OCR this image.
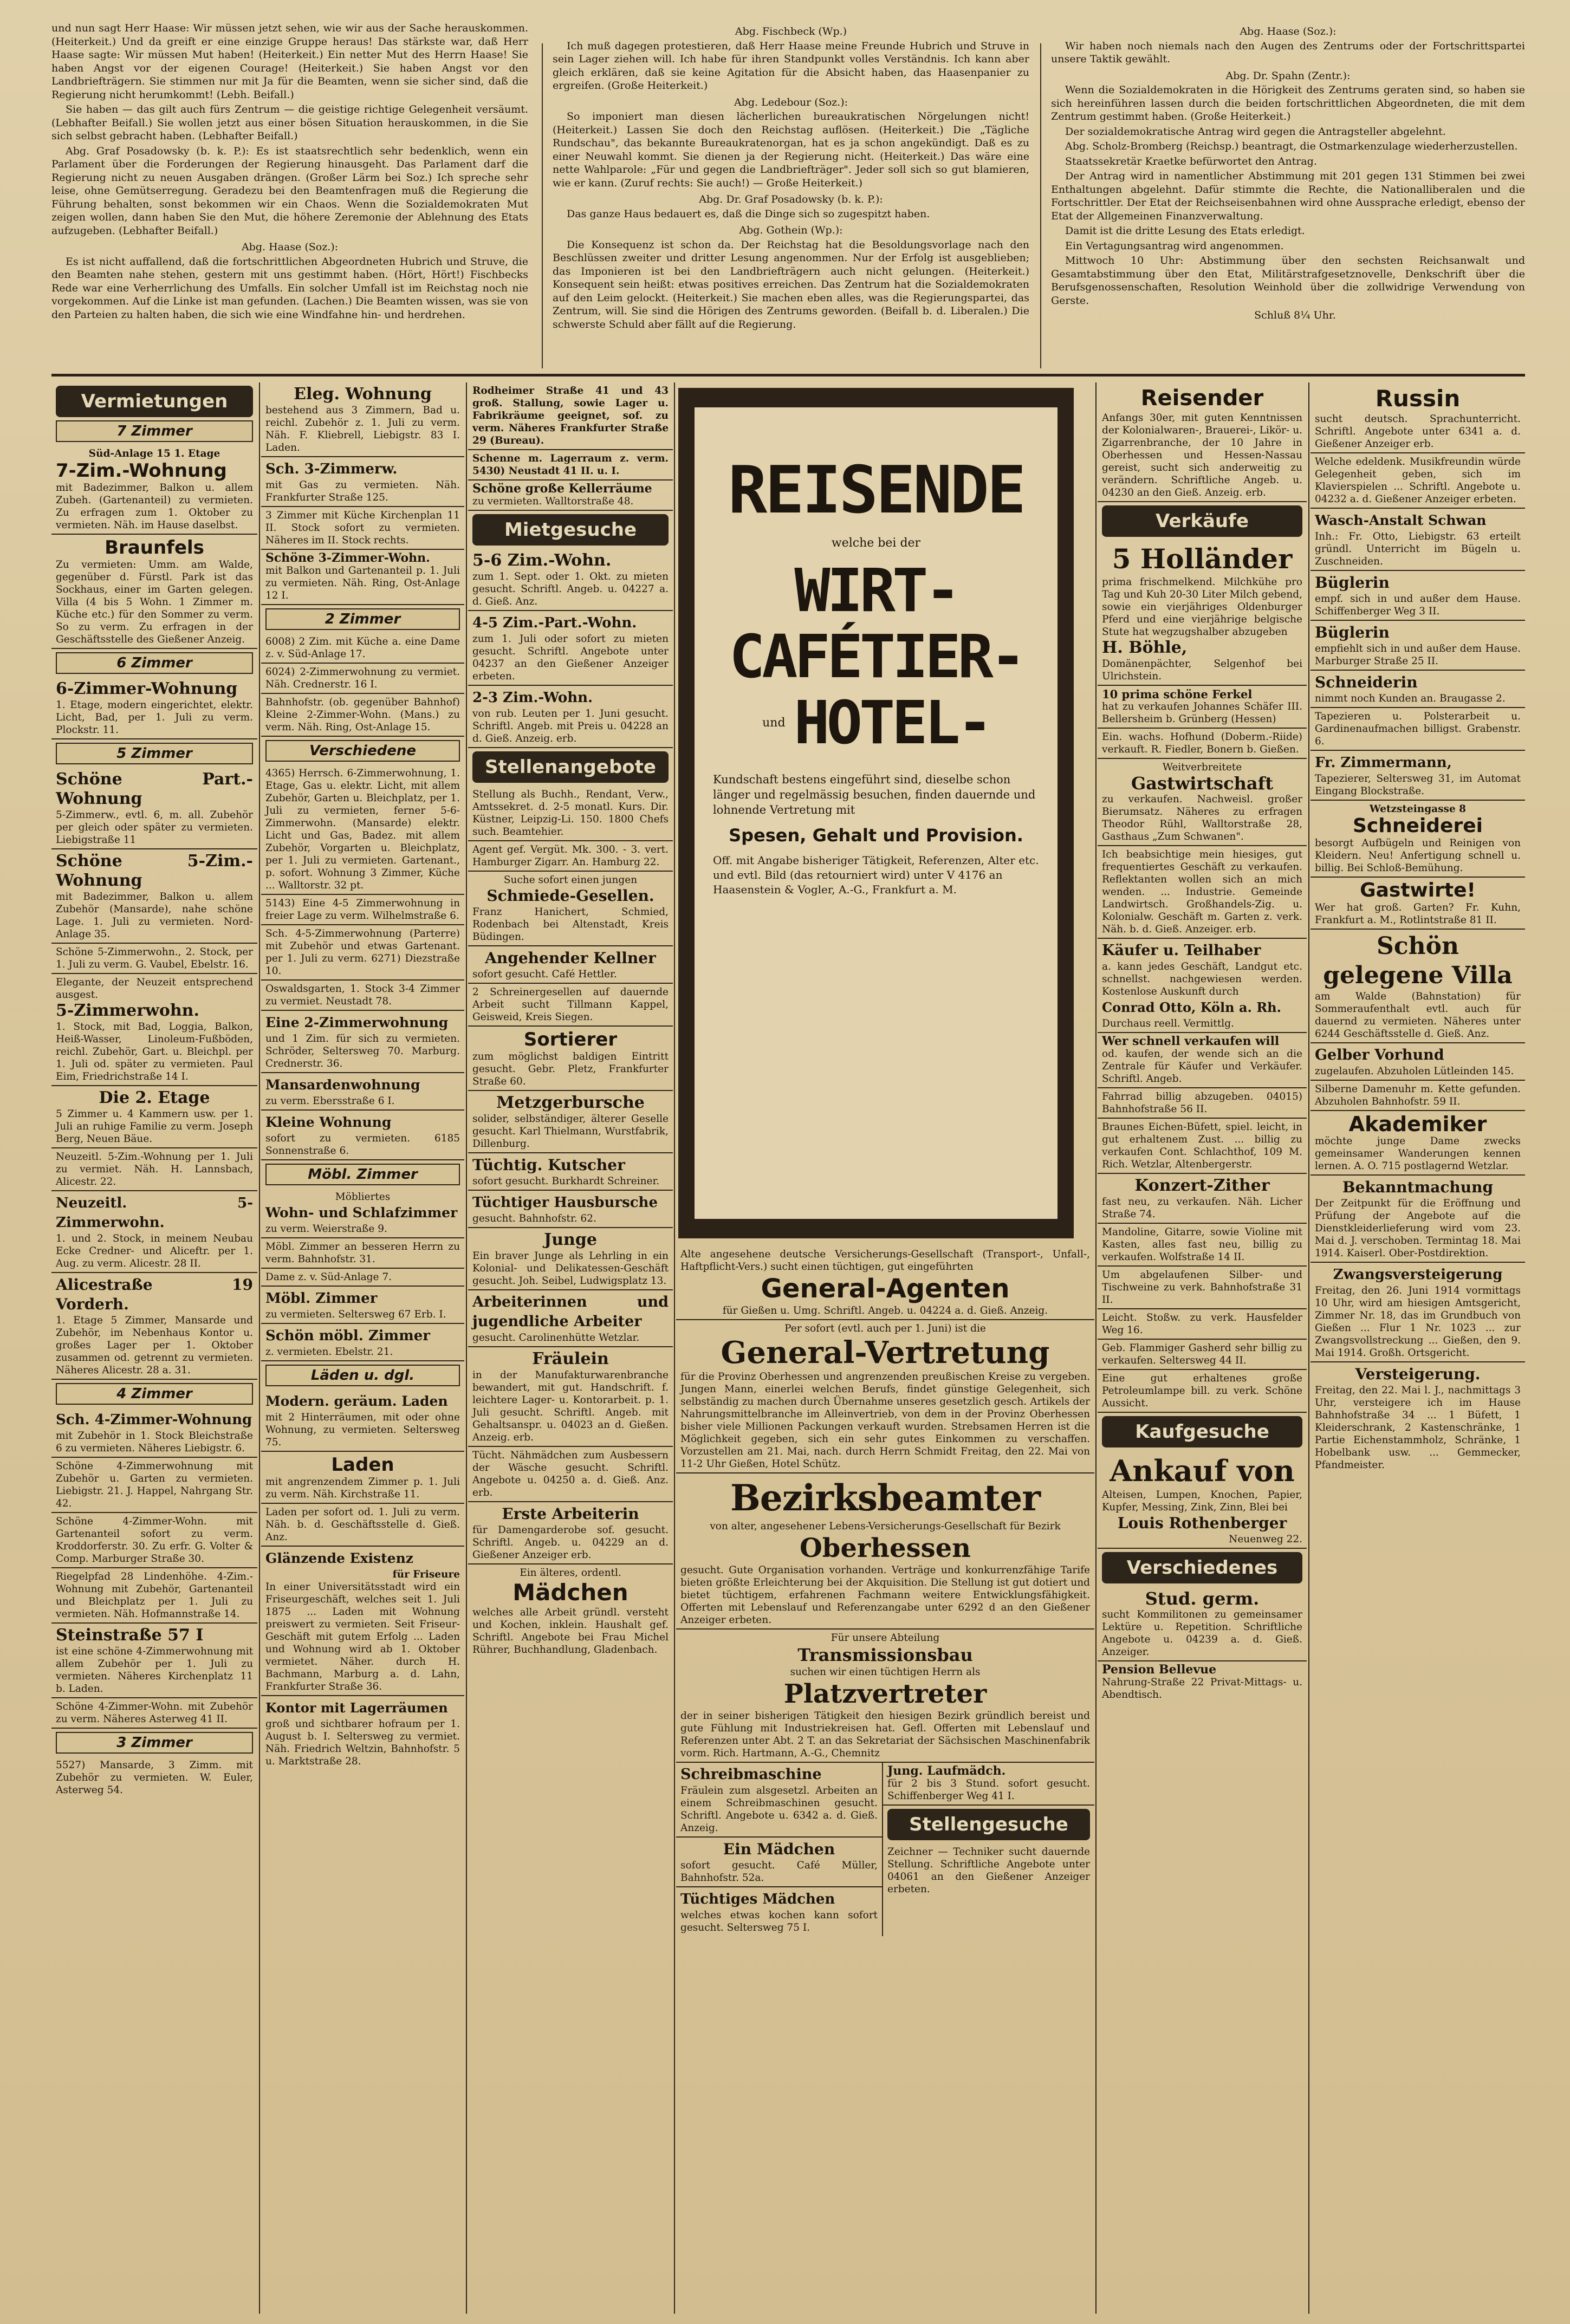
und nun sagt Herr Haase: Wir müssen jetzt sehen, wie wir aus der Sache herauskommen. (Heiterkeit.) Und da greift er eine einzige Gruppe heraus! Das stärkste war, daß Herr Haase sagte: Wir müssen Mut haben! (Heiterkeit.) Ein netter Mut des Herrn Haase! Sie haben Angst vor der eigenen Courage! (Heiterkeit.) Sie haben Angst vor den Landbriefträgern. Sie stimmen nur mit Ja für die Beamten, wenn sie sicher sind, daß die Regierung nicht herumkommt! (Lebh. Beifall.)

Sie haben — das gilt auch fürs Zentrum — die geistige richtige Gelegenheit versäumt. (Lebhafter Beifall.) Sie wollen jetzt aus einer bösen Situation herauskommen, in die Sie sich selbst gebracht haben. (Lebhafter Beifall.)

Abg. Graf Posadowsky (b. k. P.): Es ist staatsrechtlich sehr bedenklich, wenn ein Parlament über die Forderungen der Regierung hinausgeht. Das Parlament darf die Regierung nicht zu neuen Ausgaben drängen. (Großer Lärm bei Soz.) Ich spreche sehr leise, ohne Gemütserregung. Geradezu bei den Beamtenfragen muß die Regierung die Führung behalten, sonst bekommen wir ein Chaos. Wenn die Sozialdemokraten Mut zeigen wollen, dann haben Sie den Mut, die höhere Zeremonie der Ablehnung des Etats aufzugeben. (Lebhafter Beifall.)

Abg. Haase (Soz.):

Es ist nicht auffallend, daß die fortschrittlichen Abgeordneten Hubrich und Struve, die den Beamten nahe stehen, gestern mit uns gestimmt haben. (Hört, Hört!) Fischbecks Rede war eine Verherrlichung des Umfalls. Ein solcher Umfall ist im Reichstag noch nie vorgekommen. Auf die Linke ist man gefunden. (Lachen.) Die Beamten wissen, was sie von den Parteien zu halten haben, die sich wie eine Windfahne hin- und herdrehen.

Abg. Fischbeck (Wp.)

Ich muß dagegen protestieren, daß Herr Haase meine Freunde Hubrich und Struve in sein Lager ziehen will. Ich habe für ihren Standpunkt volles Verständnis. Ich kann aber gleich erklären, daß sie keine Agitation für die Absicht haben, das Haasenpanier zu ergreifen. (Große Heiterkeit.)

Abg. Ledebour (Soz.):

So imponiert man diesen lächerlichen bureaukratischen Nörgelungen nicht! (Heiterkeit.) Lassen Sie doch den Reichstag auflösen. (Heiterkeit.) Die „Tägliche Rundschau", das bekannte Bureaukratenorgan, hat es ja schon angekündigt. Daß es zu einer Neuwahl kommt. Sie dienen ja der Regierung nicht. (Heiterkeit.) Das wäre eine nette Wahlparole: „Für und gegen die Landbriefträger". Jeder soll sich so gut blamieren, wie er kann. (Zuruf rechts: Sie auch!) — Große Heiterkeit.)

Abg. Dr. Graf Posadowsky (b. k. P.):

Das ganze Haus bedauert es, daß die Dinge sich so zugespitzt haben.

Abg. Gothein (Wp.):

Die Konsequenz ist schon da. Der Reichstag hat die Besoldungsvorlage nach den Beschlüssen zweiter und dritter Lesung angenommen. Nur der Erfolg ist ausgeblieben; das Imponieren ist bei den Landbriefträgern auch nicht gelungen. (Heiterkeit.) Konsequent sein heißt: etwas positives erreichen. Das Zentrum hat die Sozialdemokraten auf den Leim gelockt. (Heiterkeit.) Sie machen eben alles, was die Regierungspartei, das Zentrum, will. Sie sind die Hörigen des Zentrums geworden. (Beifall b. d. Liberalen.) Die schwerste Schuld aber fällt auf die Regierung.

Abg. Haase (Soz.):

Wir haben noch niemals nach den Augen des Zentrums oder der Fortschrittspartei unsere Taktik gewählt.

Abg. Dr. Spahn (Zentr.):

Wenn die Sozialdemokraten in die Hörigkeit des Zentrums geraten sind, so haben sie sich hereinführen lassen durch die beiden fortschrittlichen Abgeordneten, die mit dem Zentrum gestimmt haben. (Große Heiterkeit.)

Der sozialdemokratische Antrag wird gegen die Antragsteller abgelehnt.

Abg. Scholz-Bromberg (Reichsp.) beantragt, die Ostmarkenzulage wiederherzustellen.

Staatssekretär Kraetke befürwortet den Antrag.

Der Antrag wird in namentlicher Abstimmung mit 201 gegen 131 Stimmen bei zwei Enthaltungen abgelehnt. Dafür stimmte die Rechte, die Nationalliberalen und die Fortschrittler. Der Etat der Reichseisenbahnen wird ohne Aussprache erledigt, ebenso der Etat der Allgemeinen Finanzverwaltung.

Damit ist die dritte Lesung des Etats erledigt.

Ein Vertagungsantrag wird angenommen.

Mittwoch 10 Uhr: Abstimmung über den sechsten Reichsanwalt und Gesamtabstimmung über den Etat, Militärstrafgesetznovelle, Denkschrift über die Berufsgenossenschaften, Resolution Weinhold über die zollwidrige Verwendung von Gerste.

Schluß 8¼ Uhr.

Vermietungen
7 Zimmer
Süd-Anlage 15 1. Etage
7-Zim.-Wohnung
mit Badezimmer, Balkon u. allem Zubeh. (Gartenanteil) zu vermieten. Zu erfragen zum 1. Oktober zu vermieten. Näh. im Hause daselbst.
Braunfels
Zu vermieten: Umm. am Walde, gegenüber d. Fürstl. Park ist das Sockhaus, einer im Garten gelegen. Villa (4 bis 5 Wohn. 1 Zimmer m. Küche etc.) für den Sommer zu verm. So zu verm. Zu erfragen in der Geschäftsstelle des Gießener Anzeig.
6 Zimmer
6-Zimmer-Wohnung
1. Etage, modern eingerichtet, elektr. Licht, Bad, per 1. Juli zu verm. Plockstr. 11.
5 Zimmer
Schöne Part.-Wohnung
5-Zimmerw., evtl. 6, m. all. Zubehör per gleich oder später zu vermieten. Liebigstraße 11
Schöne 5-Zim.-Wohnung
mit Badezimmer, Balkon u. allem Zubehör (Mansarde), nahe schöne Lage. 1. Juli zu vermieten. Nord-Anlage 35.
Schöne 5-Zimmerwohn., 2. Stock, per 1. Juli zu verm. G. Vaubel, Ebelstr. 16.
Elegante, der Neuzeit entsprechend ausgest.
5-Zimmerwohn.
1. Stock, mit Bad, Loggia, Balkon, Heiß-Wasser, Linoleum-Fußböden, reichl. Zubehör, Gart. u. Bleichpl. per 1. Juli od. später zu vermieten. Paul Eim, Friedrichstraße 14 I.
Die 2. Etage
5 Zimmer u. 4 Kammern usw. per 1. Juli an ruhige Familie zu verm. Joseph Berg, Neuen Bäue.
Neuzeitl. 5-Zim.-Wohnung per 1. Juli zu vermiet. Näh. H. Lannsbach, Alicestr. 22.
Neuzeitl. 5-Zimmerwohn.
1. und 2. Stock, in meinem Neubau Ecke Credner- und Aliceftr. per 1. Aug. zu verm. Alicestr. 28 II.
Alicestraße 19 Vorderh.
1. Etage 5 Zimmer, Mansarde und Zubehör, im Nebenhaus Kontor u. großes Lager per 1. Oktober zusammen od. getrennt zu vermieten. Näheres Alicestr. 28 a. 31.
4 Zimmer
Sch. 4-Zimmer-Wohnung
mit Zubehör in 1. Stock Bleichstraße 6 zu vermieten. Näheres Liebigstr. 6.
Schöne 4-Zimmerwohnung mit Zubehör u. Garten zu vermieten. Liebigstr. 21. J. Happel, Nahrgang Str. 42.
Schöne 4-Zimmer-Wohn. mit Gartenanteil sofort zu verm. Kroddorferstr. 30. Zu erfr. G. Volter & Comp. Marburger Straße 30.
Riegelpfad 28 Lindenhöhe. 4-Zim.-Wohnung mit Zubehör, Gartenanteil und Bleichplatz per 1. Juli zu vermieten. Näh. Hofmannstraße 14.
Steinstraße 57 I
ist eine schöne 4-Zimmerwohnung mit allem Zubehör per 1. Juli zu vermieten. Näheres Kirchenplatz 11 b. Laden.
Schöne 4-Zimmer-Wohn. mit Zubehör zu verm. Näheres Asterweg 41 II.
3 Zimmer
5527) Mansarde, 3 Zimm. mit Zubehör zu vermieten. W. Euler, Asterweg 54.
Eleg. Wohnung
bestehend aus 3 Zimmern, Bad u. reichl. Zubehör z. 1. Juli zu verm. Näh. F. Kliebrell, Liebigstr. 83 I. Laden.
Sch. 3-Zimmerw.
mit Gas zu vermieten. Näh. Frankfurter Straße 125.
3 Zimmer mit Küche Kirchenplan 11 II. Stock sofort zu vermieten. Näheres im II. Stock rechts.
Schöne 3-Zimmer-Wohn.
mit Balkon und Gartenanteil p. 1. Juli zu vermieten. Näh. Ring, Ost-Anlage 12 I.
2 Zimmer
6008) 2 Zim. mit Küche a. eine Dame z. v. Süd-Anlage 17.
6024) 2-Zimmerwohnung zu vermiet. Näh. Crednerstr. 16 I.
Bahnhofstr. (ob. gegenüber Bahnhof) Kleine 2-Zimmer-Wohn. (Mans.) zu verm. Näh. Ring, Ost-Anlage 15.
Verschiedene
4365) Herrsch. 6-Zimmerwohnung, 1. Etage, Gas u. elektr. Licht, mit allem Zubehör, Garten u. Bleichplatz, per 1. Juli zu vermieten, ferner 5-6-Zimmerwohn. (Mansarde) elektr. Licht und Gas, Badez. mit allem Zubehör, Vorgarten u. Bleichplatz, per 1. Juli zu vermieten. Gartenant., p. sofort. Wohnung 3 Zimmer, Küche ... Walltorstr. 32 pt.
5143) Eine 4-5 Zimmerwohnung in freier Lage zu verm. Wilhelmstraße 6.
Sch. 4-5-Zimmerwohnung (Parterre) mit Zubehör und etwas Gartenant. per 1. Juli zu verm. 6271) Diezstraße 10.
Oswaldsgarten, 1. Stock 3-4 Zimmer zu vermiet. Neustadt 78.
Eine 2-Zimmerwohnung
und 1 Zim. für sich zu vermieten. Schröder, Seltersweg 70. Marburg. Crednerstr. 36.
Mansardenwohnung
zu verm. Ebersstraße 6 I.
Kleine Wohnung
sofort zu vermieten. 6185 Sonnenstraße 6.
Möbl. Zimmer
Möbliertes
Wohn- und Schlafzimmer
zu verm. Weierstraße 9.
Möbl. Zimmer an besseren Herrn zu verm. Bahnhofstr. 31.
Dame z. v. Süd-Anlage 7.
Möbl. Zimmer
zu vermieten. Seltersweg 67 Erb. I.
Schön möbl. Zimmer
z. vermieten. Ebelstr. 21.
Läden u. dgl.
Modern. geräum. Laden
mit 2 Hinterräumen, mit oder ohne Wohnung, zu vermieten. Seltersweg 75.
Laden
mit angrenzendem Zimmer p. 1. Juli zu verm. Näh. Kirchstraße 11.
Laden per sofort od. 1. Juli zu verm. Näh. b. d. Geschäftsstelle d. Gieß. Anz.
Glänzende Existenz
für Friseure
In einer Universitätsstadt wird ein Friseurgeschäft, welches seit 1. Juli 1875 ... Laden mit Wohnung preiswert zu vermieten. Seit Friseur-Geschäft mit gutem Erfolg ... Laden und Wohnung wird ab 1. Oktober vermietet. Näher. durch H. Bachmann, Marburg a. d. Lahn, Frankfurter Straße 36.
Kontor mit Lagerräumen
groß und sichtbarer hofraum per 1. August b. I. Seltersweg zu vermiet. Näh. Friedrich Weltzin, Bahnhofstr. 5 u. Marktstraße 28.
Rodheimer Straße 41 und 43 groß. Stallung, sowie Lager u. Fabrikräume geeignet, sof. zu verm. Näheres Frankfurter Straße 29 (Bureau).
Schenne m. Lagerraum z. verm. 5430) Neustadt 41 II. u. I.
Schöne große Kellerräume
zu vermieten. Walltorstraße 48.
Mietgesuche
5-6 Zim.-Wohn.
zum 1. Sept. oder 1. Okt. zu mieten gesucht. Schriftl. Angeb. u. 04227 a. d. Gieß. Anz.
4-5 Zim.-Part.-Wohn.
zum 1. Juli oder sofort zu mieten gesucht. Schriftl. Angebote unter 04237 an den Gießener Anzeiger erbeten.
2-3 Zim.-Wohn.
von rub. Leuten per 1. Juni gesucht. Schriftl. Angeb. mit Preis u. 04228 an d. Gieß. Anzeig. erb.
Stellenangebote
Stellung als Buchh., Rendant, Verw., Amtssekret. d. 2-5 monatl. Kurs. Dir. Küstner, Leipzig-Li. 150. 1800 Chefs such. Beamtehier.
Agent gef. Vergüt. Mk. 300. - 3. vert. Hamburger Zigarr. An. Hamburg 22.
Suche sofort einen jungen
Schmiede-Gesellen.
Franz Hanichert, Schmied, Rodenbach bei Altenstadt, Kreis Büdingen.
Angehender Kellner
sofort gesucht. Café Hettler.
2 Schreinergesellen auf dauernde Arbeit sucht Tillmann Kappel, Geisweid, Kreis Siegen.
Sortierer
zum möglichst baldigen Eintritt gesucht. Gebr. Pletz, Frankfurter Straße 60.
Metzgerbursche
solider, selbständiger, älterer Geselle gesucht. Karl Thielmann, Wurstfabrik, Dillenburg.
Tüchtig. Kutscher
sofort gesucht. Burkhardt Schreiner.
Tüchtiger Hausbursche
gesucht. Bahnhofstr. 62.
Junge
Ein braver Junge als Lehrling in ein Kolonial- und Delikatessen-Geschäft gesucht. Joh. Seibel, Ludwigsplatz 13.
Arbeiterinnen und jugendliche Arbeiter
gesucht. Carolinenhütte Wetzlar.
Fräulein
in der Manufakturwarenbranche bewandert, mit gut. Handschrift. f. leichtere Lager- u. Kontorarbeit. p. 1. Juli gesucht. Schriftl. Angeb. mit Gehaltsanspr. u. 04023 an d. Gießen. Anzeig. erb.
Tücht. Nähmädchen zum Ausbessern der Wäsche gesucht. Schriftl. Angebote u. 04250 a. d. Gieß. Anz. erb.
Erste Arbeiterin
für Damengarderobe sof. gesucht. Schriftl. Angeb. u. 04229 an d. Gießener Anzeiger erb.
Ein älteres, ordentl.
Mädchen
welches alle Arbeit gründl. versteht und Kochen, inklein. Haushalt gef. Schriftl. Angebote bei Frau Michel Rührer, Buchhandlung, Gladenbach.
REISENDE
welche bei der
WIRT-
CAFÉTIER-
und HOTEL-
Kundschaft bestens eingeführt sind, dieselbe schon länger und regelmässig besuchen, finden dauernde und lohnende Vertretung mit
Spesen, Gehalt und Provision.
Off. mit Angabe bisheriger Tätigkeit, Referenzen, Alter etc. und evtl. Bild (das retourniert wird) unter V 4176 an Haasenstein & Vogler, A.-G., Frankfurt a. M.
Alte angesehene deutsche Versicherungs-Gesellschaft (Transport-, Unfall-, Haftpflicht-Vers.) sucht einen tüchtigen, gut eingeführten
General-Agenten
für Gießen u. Umg. Schriftl. Angeb. u. 04224 a. d. Gieß. Anzeig.
Per sofort (evtl. auch per 1. Juni) ist die
General-Vertretung
für die Provinz Oberhessen und angrenzenden preußischen Kreise zu vergeben. Jungen Mann, einerlei welchen Berufs, findet günstige Gelegenheit, sich selbständig zu machen durch Übernahme unseres gesetzlich gesch. Artikels der Nahrungsmittelbranche im Alleinvertrieb, von dem in der Provinz Oberhessen bisher viele Millionen Packungen verkauft wurden. Strebsamen Herren ist die Möglichkeit gegeben, sich ein sehr gutes Einkommen zu verschaffen. Vorzustellen am 21. Mai, nach. durch Herrn Schmidt Freitag, den 22. Mai von 11-2 Uhr Gießen, Hotel Schütz.
Bezirksbeamter
von alter, angesehener Lebens-Versicherungs-Gesellschaft für Bezirk
Oberhessen
gesucht. Gute Organisation vorhanden. Verträge und konkurrenzfähige Tarife bieten größte Erleichterung bei der Akquisition. Die Stellung ist gut dotiert und bietet tüchtigem, erfahrenen Fachmann weitere Entwicklungsfähigkeit. Offerten mit Lebenslauf und Referenzangabe unter 6292 d an den Gießener Anzeiger erbeten.
Für unsere Abteilung
Transmissionsbau
suchen wir einen tüchtigen Herrn als
Platzvertreter
der in seiner bisherigen Tätigkeit den hiesigen Bezirk gründlich bereist und gute Fühlung mit Industriekreisen hat. Gefl. Offerten mit Lebenslauf und Referenzen unter Abt. 2 T. an das Sekretariat der Sächsischen Maschinenfabrik vorm. Rich. Hartmann, A.-G., Chemnitz
Schreibmaschine
Fräulein zum alsgesetzl. Arbeiten an einem Schreibmaschinen gesucht. Schriftl. Angebote u. 6342 a. d. Gieß. Anzeig.
Ein Mädchen
sofort gesucht. Café Müller, Bahnhofstr. 52a.
Tüchtiges Mädchen
welches etwas kochen kann sofort gesucht. Seltersweg 75 I.
Jung. Laufmädch.
für 2 bis 3 Stund. sofort gesucht. Schiffenberger Weg 41 I.
Stellengesuche
Zeichner — Techniker sucht dauernde Stellung. Schriftliche Angebote unter 04061 an den Gießener Anzeiger erbeten.
Reisender
Anfangs 30er, mit guten Kenntnissen der Kolonialwaren-, Brauerei-, Likör- u. Zigarrenbranche, der 10 Jahre in Oberhessen und Hessen-Nassau gereist, sucht sich anderweitig zu verändern. Schriftliche Angeb. u. 04230 an den Gieß. Anzeig. erb.
Verkäufe
5 Holländer
prima frischmelkend. Milchkühe pro Tag und Kuh 20-30 Liter Milch gebend, sowie ein vierjähriges Oldenburger Pferd und eine vierjährige belgische Stute hat wegzugshalber abzugeben
H. Böhle,
Domänenpächter, Selgenhof bei Ulrichstein.
10 prima schöne Ferkel
hat zu verkaufen Johannes Schäfer III. Bellersheim b. Grünberg (Hessen)
Ein. wachs. Hofhund (Doberm.-Riide) verkauft. R. Fiedler, Bonern b. Gießen.
Weitverbreitete
Gastwirtschaft
zu verkaufen. Nachweisl. großer Bierumsatz. Näheres zu erfragen Theodor Rühl, Walltorstraße 28, Gasthaus „Zum Schwanen".
Ich beabsichtige mein hiesiges, gut frequentiertes Geschäft zu verkaufen. Reflektanten wollen sich an mich wenden. ... Industrie. Gemeinde Landwirtsch. Großhandels-Zig. u. Kolonialw. Geschäft m. Garten z. verk. Näh. b. d. Gieß. Anzeiger. erb.
Käufer u. Teilhaber
a. kann jedes Geschäft, Landgut etc. schnellst. nachgewiesen werden. Kostenlose Auskunft durch
Conrad Otto, Köln a. Rh.
Durchaus reell. Vermittlg.
Wer schnell verkaufen will
od. kaufen, der wende sich an die Zentrale für Käufer und Verkäufer. Schriftl. Angeb.
Fahrrad billig abzugeben. 04015) Bahnhofstraße 56 II.
Braunes Eichen-Büfett, spiel. leicht, in gut erhaltenem Zust. ... billig zu verkaufen Cont. Schlachthof, 109 M. Rich. Wetzlar, Altenbergerstr.
Konzert-Zither
fast neu, zu verkaufen. Näh. Licher Straße 74.
Mandoline, Gitarre, sowie Violine mit Kasten, alles fast neu, billig zu verkaufen. Wolfstraße 14 II.
Um abgelaufenen Silber- und Tischweine zu verk. Bahnhofstraße 31 II.
Leicht. Stoßw. zu verk. Hausfelder Weg 16.
Geb. Flammiger Gasherd sehr billig zu verkaufen. Seltersweg 44 II.
Eine gut erhaltenes große Petroleumlampe bill. zu verk. Schöne Aussicht.
Kaufgesuche
Ankauf von
Alteisen, Lumpen, Knochen, Papier, Kupfer, Messing, Zink, Zinn, Blei bei
Louis Rothenberger
Neuenweg 22.
Verschiedenes
Stud. germ.
sucht Kommilitonen zu gemeinsamer Lektüre u. Repetition. Schriftliche Angebote u. 04239 a. d. Gieß. Anzeiger.
Pension Bellevue
Nahrung-Straße 22 Privat-Mittags- u. Abendtisch.
Russin
sucht deutsch. Sprachunterricht. Schriftl. Angebote unter 6341 a. d. Gießener Anzeiger erb.
Welche edeldenk. Musikfreundin würde Gelegenheit geben, sich im Klavierspielen ... Schriftl. Angebote u. 04232 a. d. Gießener Anzeiger erbeten.
Wasch-Anstalt Schwan
Inh.: Fr. Otto, Liebigstr. 63 erteilt gründl. Unterricht im Bügeln u. Zuschneiden.
Büglerin
empf. sich in und außer dem Hause. Schiffenberger Weg 3 II.
Büglerin
empfiehlt sich in und außer dem Hause. Marburger Straße 25 II.
Schneiderin
nimmt noch Kunden an. Braugasse 2.
Tapezieren u. Polsterarbeit u. Gardinenaufmachen billigst. Grabenstr. 6.
Fr. Zimmermann,
Tapezierer, Seltersweg 31, im Automat Eingang Blockstraße.
Wetzsteingasse 8
Schneiderei
besorgt Aufbügeln und Reinigen von Kleidern. Neu! Anfertigung schnell u. billig. Bei Schloß-Bemühung.
Gastwirte!
Wer hat groß. Garten? Fr. Kuhn, Frankfurt a. M., Rotlintstraße 81 II.
Schön gelegene Villa
am Walde (Bahnstation) für Sommeraufenthalt evtl. auch für dauernd zu vermieten. Näheres unter 6244 Geschäftsstelle d. Gieß. Anz.
Gelber Vorhund
zugelaufen. Abzuholen Lütleinden 145.
Silberne Damenuhr m. Kette gefunden. Abzuholen Bahnhofstr. 59 II.
Akademiker
möchte junge Dame zwecks gemeinsamer Wanderungen kennen lernen. A. O. 715 postlagernd Wetzlar.
Bekanntmachung
Der Zeitpunkt für die Eröffnung und Prüfung der Angebote auf die Dienstkleiderlieferung wird vom 23. Mai d. J. verschoben. Termintag 18. Mai 1914. Kaiserl. Ober-Postdirektion.
Zwangsversteigerung
Freitag, den 26. Juni 1914 vormittags 10 Uhr, wird am hiesigen Amtsgericht, Zimmer Nr. 18, das im Grundbuch von Gießen ... Flur 1 Nr. 1023 ... zur Zwangsvollstreckung ... Gießen, den 9. Mai 1914. Großh. Ortsgericht.
Versteigerung.
Freitag, den 22. Mai l. J., nachmittags 3 Uhr, versteigere ich im Hause Bahnhofstraße 34 ... 1 Büfett, 1 Kleiderschrank, 2 Kastenschränke, 1 Partie Eichenstammholz, Schränke, 1 Hobelbank usw. ... Gemmecker, Pfandmeister.
